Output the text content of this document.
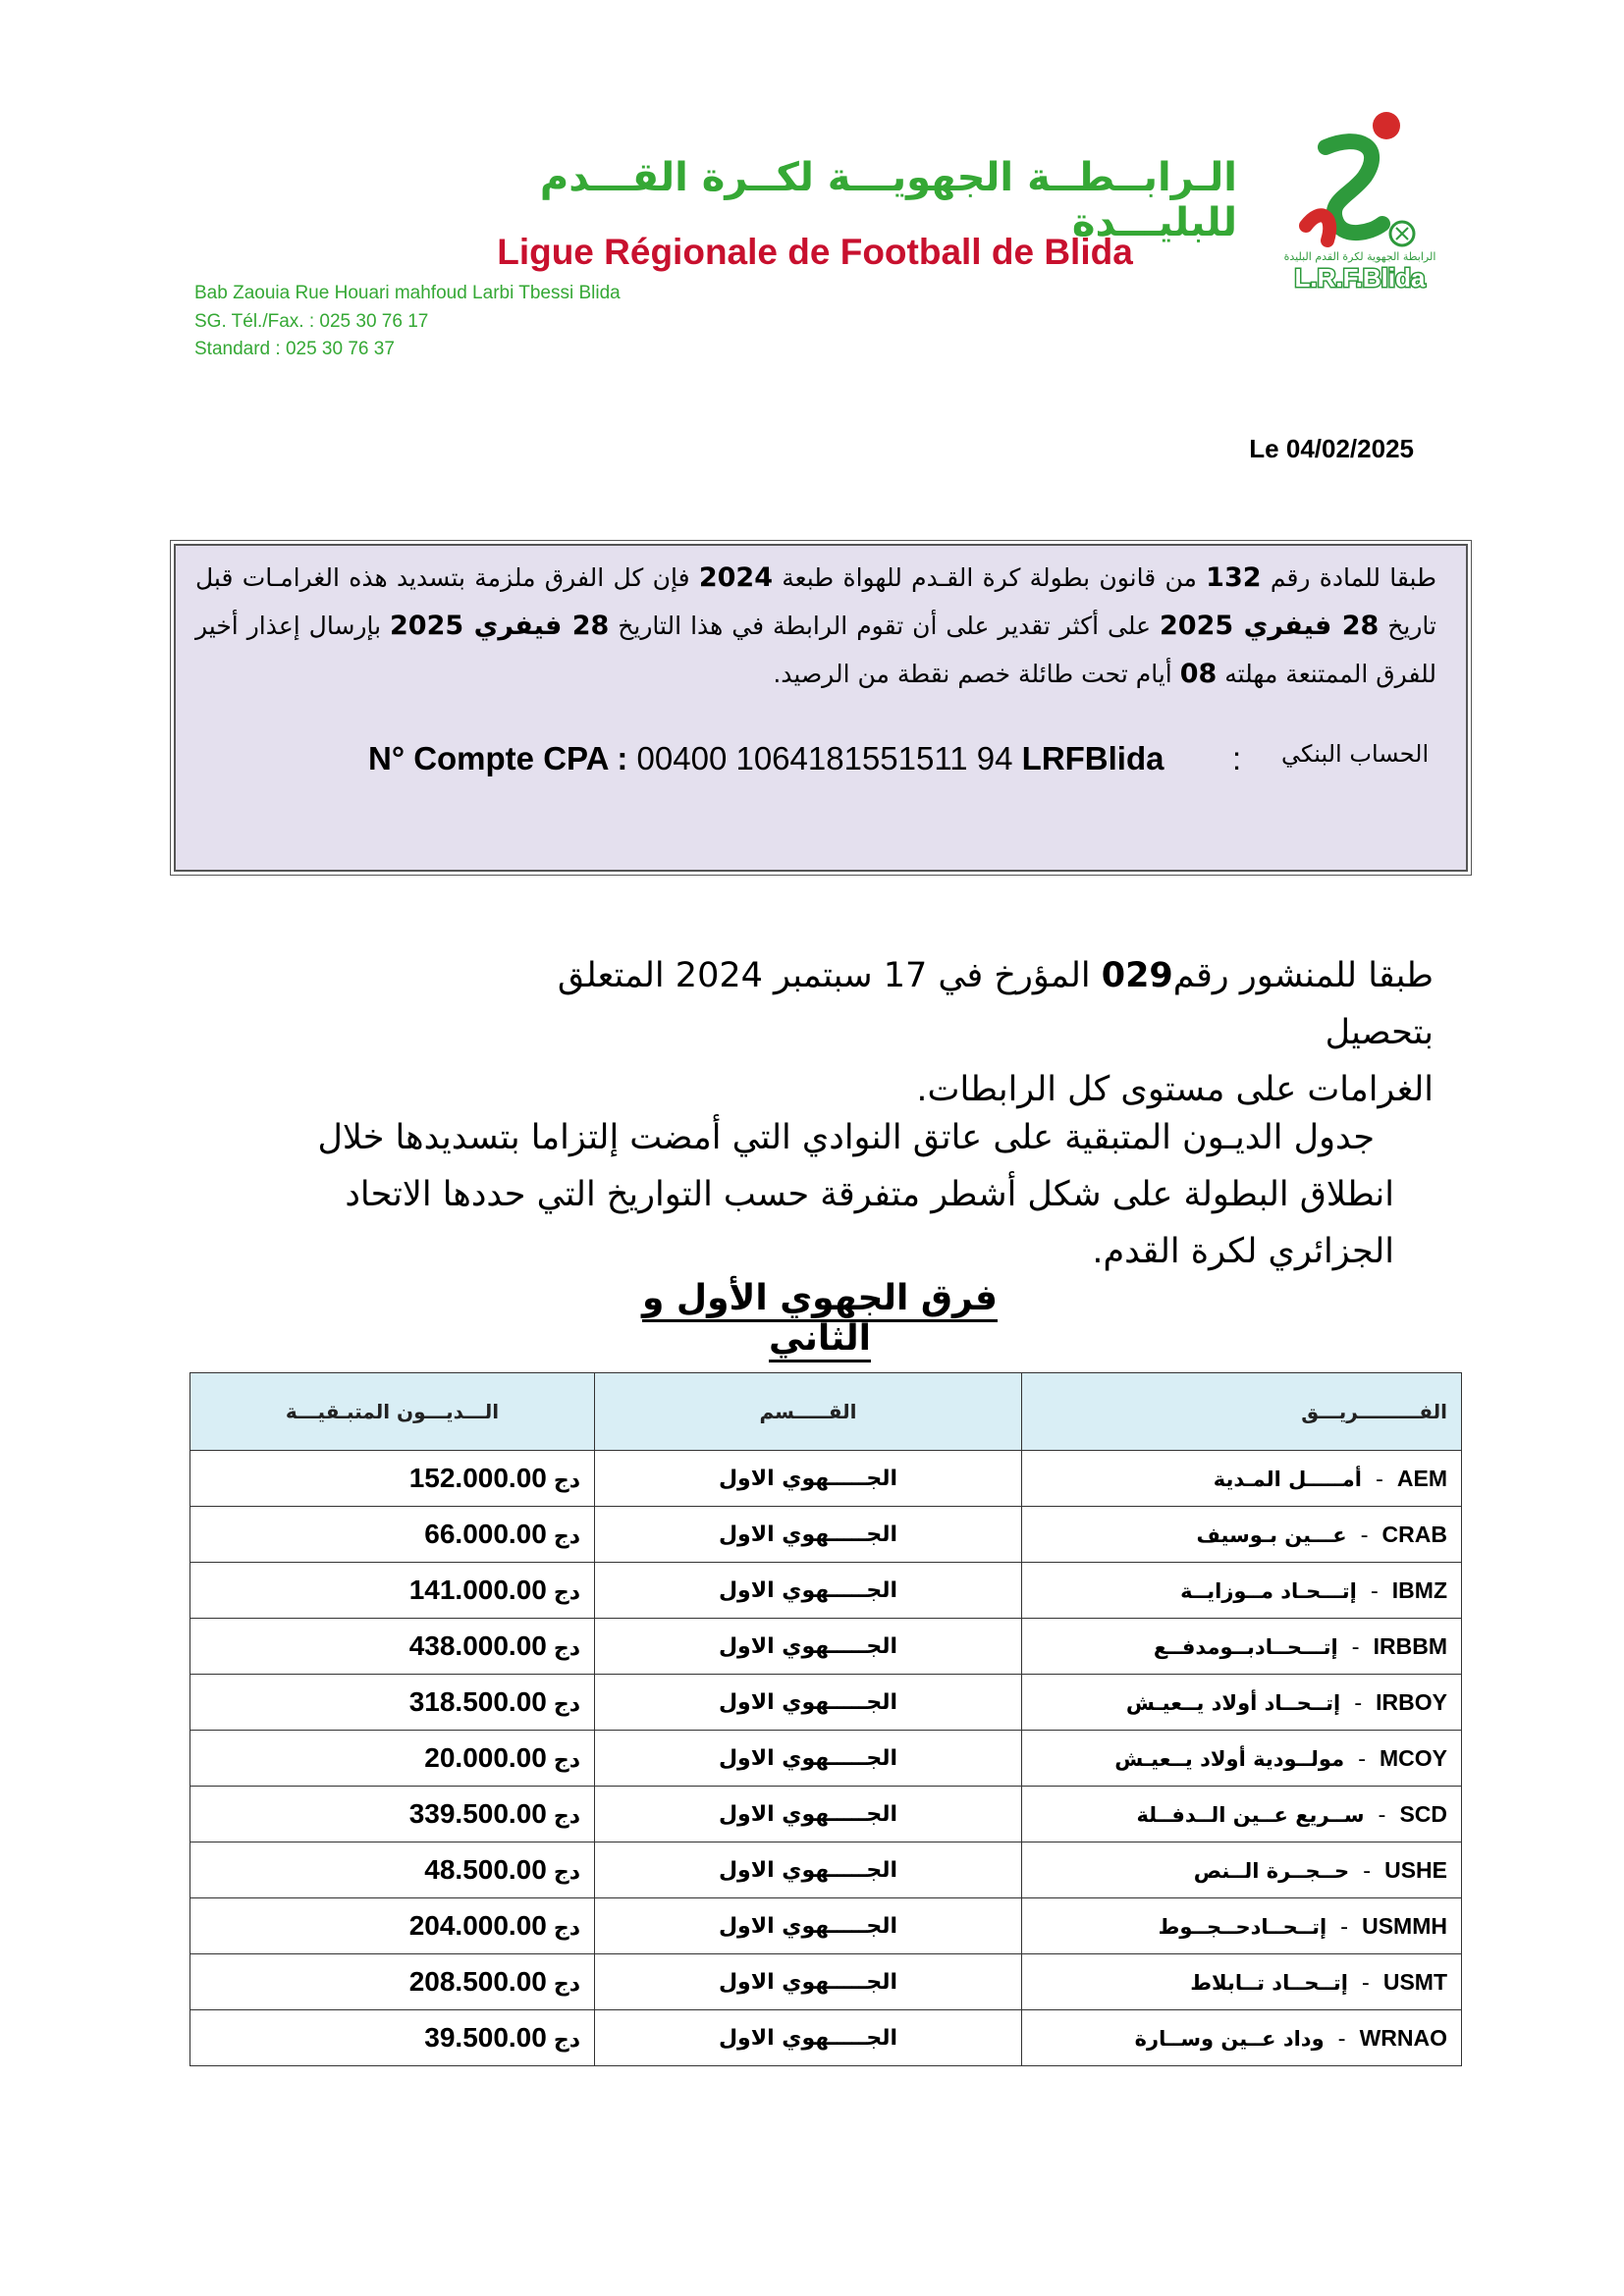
الـرابــطــة الجهويـــة لكــرة القـــدم للبليـــدة
Ligue Régionale de Football de Blida
Bab Zaouia Rue Houari mahfoud Larbi Tbessi Blida
SG. Tél./Fax. : 025 30 76 17
Standard : 025 30 76 37
الرابطة الجهوية لكرة القدم البليدة
L.R.F.Blida
Le 04/02/2025
طبقا للمادة رقم 132 من قانون بطولة كرة القـدم للهواة طبعة 2024 فإن كل الفرق ملزمة بتسديد هذه الغرامـات قبل تاريخ 28 فيفري 2025 على أكثر تقدير على أن تقوم الرابطة في هذا التاريخ 28 فيفري 2025 بإرسال إعذار أخير للفرق الممتنعة مهلته 08 أيام تحت طائلة خصم نقطة من الرصيد.
N° Compte CPA : 00400 1064181551511 94 LRFBlida : الحساب البنكي
طبقا للمنشور رقم029 المؤرخ في 17 سبتمبر 2024 المتعلق بتحصيل
الغرامات على مستوى كل الرابطات.
جدول الديـون المتبقية على عاتق النوادي التي أمضت إلتزاما بتسديدها خلال
انطلاق البطولة على شكل أشطر متفرقة حسب التواريخ التي حددها الاتحاد الجزائري لكرة القدم.
فرق الجهوي الأول و الثاني
الفـــــــــريـــق	القـــــسم	الـــديـــون المتبـقيـــة
AEM  -  أمـــــل المـدية	الجـــــهوي الاول	دج 152.000.00
CRAB  -  عـــين بـوسيف	الجـــــهوي الاول	دج 66.000.00
IBMZ  -  إتـــحـاد مــوزايــة	الجـــــهوي الاول	دج 141.000.00
IRBBM  -  إتـــحــادبــومدفــع	الجـــــهوي الاول	دج 438.000.00
IRBOY  -  إتــحــاد أولاد يــعيـش	الجـــــهوي الاول	دج 318.500.00
MCOY  -  مولــودية أولاد يــعيـش	الجـــــهوي الاول	دج 20.000.00
SCD  -  ســريع عــين الــدفــلة	الجـــــهوي الاول	دج 339.500.00
USHE  -  حــجــرة الــنص	الجـــــهوي الاول	دج 48.500.00
USMMH  -  إتــحــادحــجــوط	الجـــــهوي الاول	دج 204.000.00
USMT  -  إتــحــاد تــابلاط	الجـــــهوي الاول	دج 208.500.00
WRNAO  -  وداد عــين وســارة	الجـــــهوي الاول	دج 39.500.00
